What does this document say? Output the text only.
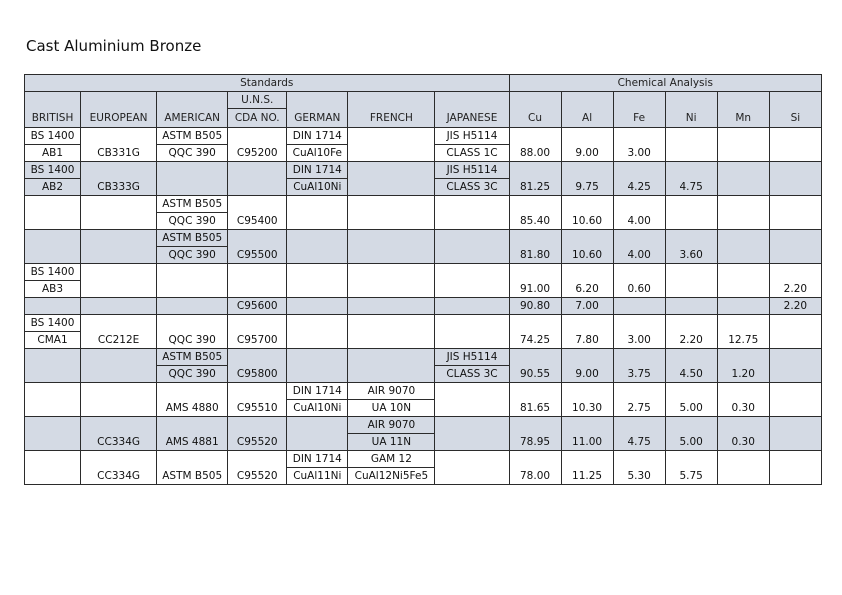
Cast Aluminium Bronze
Standards							Chemical Analysis					
			U.N.S.									
BRITISH	EUROPEAN	AMERICAN	CDA NO.	GERMAN	FRENCH	JAPANESE	Cu	Al	Fe	Ni	Mn	Si
BS 1400	CB331G	ASTM B505	C95200	DIN 1714		JIS H5114	88.00	9.00	3.00			
AB1		QQC 390		CuAl10Fe		CLASS 1C						
BS 1400	CB333G			DIN 1714		JIS H5114	81.25	9.75	4.25	4.75		
AB2				CuAl10Ni		CLASS 3C						
		ASTM B505	C95400				85.40	10.60	4.00			
		QQC 390										
		ASTM B505	C95500				81.80	10.60	4.00	3.60		
		QQC 390										
BS 1400							91.00	6.20	0.60			2.20
AB3												
			C95600				90.80	7.00				2.20
BS 1400	CC212E		C95700				74.25	7.80	3.00	2.20	12.75	
CMA1		QQC 390										
		ASTM B505	C95800			JIS H5114	90.55	9.00	3.75	4.50	1.20	
		QQC 390				CLASS 3C						
			C95510	DIN 1714	AIR 9070		81.65	10.30	2.75	5.00	0.30	
		AMS 4880		CuAl10Ni	UA 10N							
	CC334G		C95520		AIR 9070		78.95	11.00	4.75	5.00	0.30	
		AMS 4881			UA 11N							
	CC334G		C95520	DIN 1714	GAM 12		78.00	11.25	5.30	5.75		
		ASTM B505		CuAl11Ni	CuAl12Ni5Fe5							
